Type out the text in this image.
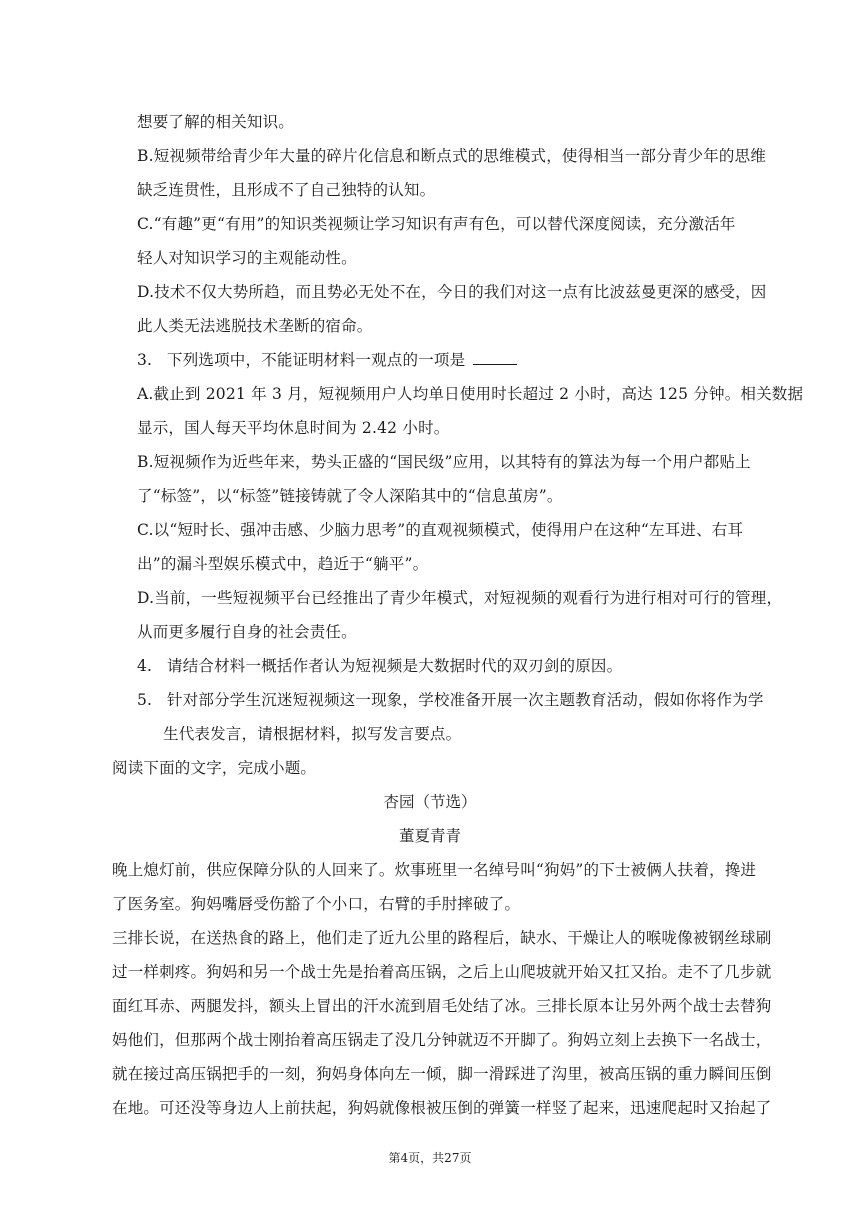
想要了解的相关知识。
B.短视频带给青少年大量的碎片化信息和断点式的思维模式，使得相当一部分青少年的思维
缺乏连贯性，且形成不了自己独特的认知。
C.“有趣”更“有用”的知识类视频让学习知识有声有色，可以替代深度阅读，充分激活年
轻人对知识学习的主观能动性。
D.技术不仅大势所趋，而且势必无处不在，今日的我们对这一点有比波兹曼更深的感受，因
此人类无法逃脱技术垄断的宿命。
3. 下列选项中，不能证明材料一观点的一项是
A.截止到 2021 年 3 月，短视频用户人均单日使用时长超过 2 小时，高达 125 分钟。相关数据
显示，国人每天平均休息时间为 2.42 小时。
B.短视频作为近些年来，势头正盛的“国民级”应用，以其特有的算法为每一个用户都贴上
了“标签”，以“标签”链接铸就了令人深陷其中的“信息茧房”。
C.以“短时长、强冲击感、少脑力思考”的直观视频模式，使得用户在这种“左耳进、右耳
出”的漏斗型娱乐模式中，趋近于“躺平”。
D.当前，一些短视频平台已经推出了青少年模式，对短视频的观看行为进行相对可行的管理，
从而更多履行自身的社会责任。
4. 请结合材料一概括作者认为短视频是大数据时代的双刃剑的原因。
5. 针对部分学生沉迷短视频这一现象，学校准备开展一次主题教育活动，假如你将作为学
生代表发言，请根据材料，拟写发言要点。
阅读下面的文字，完成小题。
杏园（节选）
董夏青青
晚上熄灯前，供应保障分队的人回来了。炊事班里一名绰号叫“狗妈”的下士被俩人扶着，搀进
了医务室。狗妈嘴唇受伤豁了个小口，右臂的手肘摔破了。
三排长说，在送热食的路上，他们走了近九公里的路程后，缺水、干燥让人的喉咙像被钢丝球刷
过一样刺疼。狗妈和另一个战士先是抬着高压锅，之后上山爬坡就开始又扛又抬。走不了几步就
面红耳赤、两腿发抖，额头上冒出的汗水流到眉毛处结了冰。三排长原本让另外两个战士去替狗
妈他们，但那两个战士刚抬着高压锅走了没几分钟就迈不开脚了。狗妈立刻上去换下一名战士，
就在接过高压锅把手的一刻，狗妈身体向左一倾，脚一滑踩进了沟里，被高压锅的重力瞬间压倒
在地。可还没等身边人上前扶起，狗妈就像根被压倒的弹簧一样竖了起来，迅速爬起时又抬起了
第4页，共27页
